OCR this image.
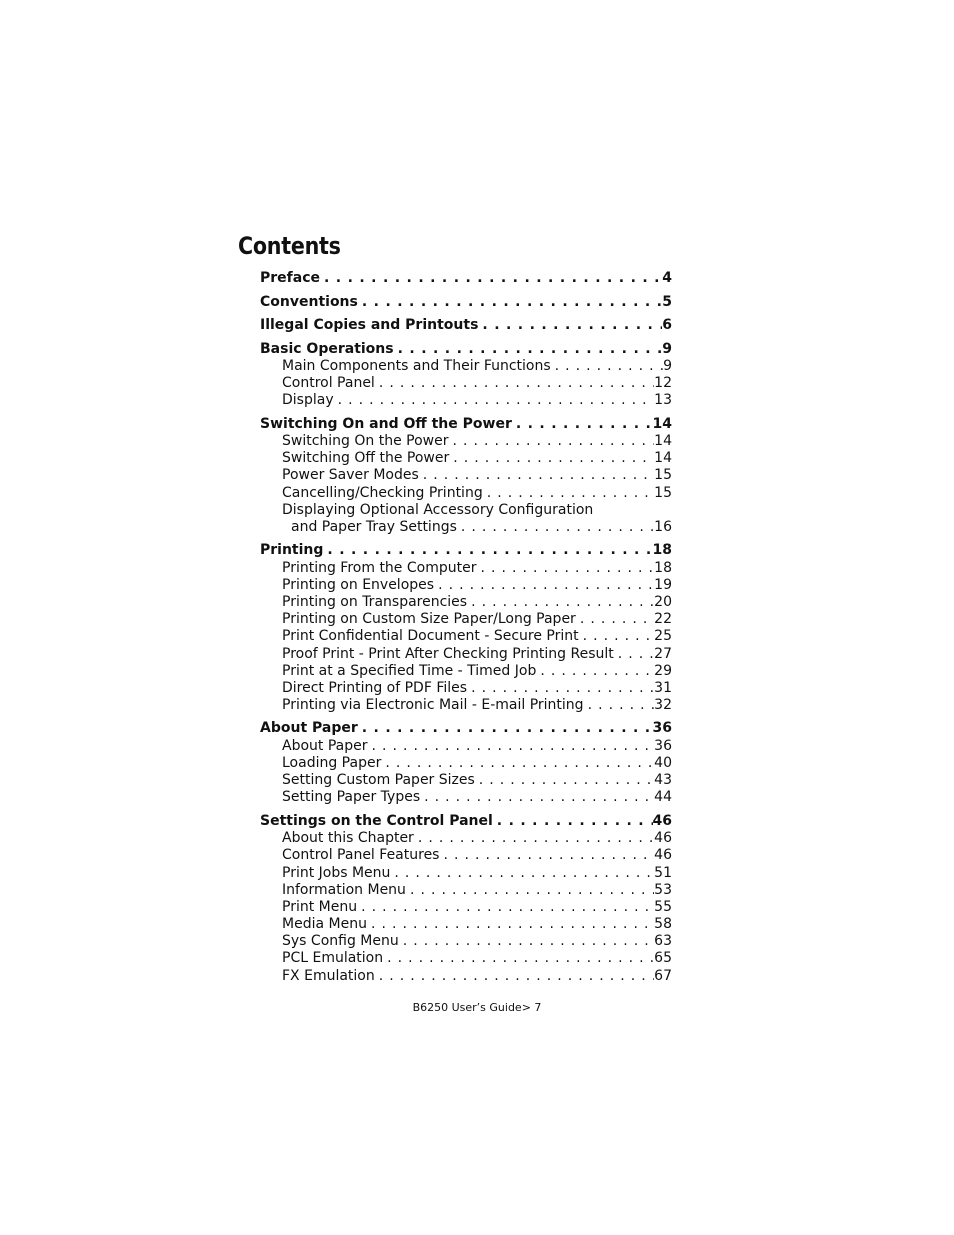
Contents
Preface . . .	4
Conventions . . .	5
Illegal Copies and Printouts . . .	6
Basic Operations . . .	9
Main Components and Their Functions . . .	9
Control Panel . . .	12
Display . . .	13
Switching On and Off the Power . . .	14
Switching On the Power . . .	14
Switching Off the Power . . .	14
Power Saver Modes . . .	15
Cancelling/Checking Printing . . .	15
Displaying Optional Accessory Configuration
and Paper Tray Settings . . .	16
Printing . . .	18
Printing From the Computer . . .	18
Printing on Envelopes . . .	19
Printing on Transparencies . . .	20
Printing on Custom Size Paper/Long Paper . . .	22
Print Confidential Document - Secure Print . . .	25
Proof Print - Print After Checking Printing Result . . .	27
Print at a Specified Time - Timed Job . . .	29
Direct Printing of PDF Files . . .	31
Printing via Electronic Mail - E-mail Printing . . .	32
About Paper . . .	36
About Paper . . .	36
Loading Paper . . .	40
Setting Custom Paper Sizes . . .	43
Setting Paper Types . . .	44
Settings on the Control Panel . . .	46
About this Chapter . . .	46
Control Panel Features . . .	46
Print Jobs Menu . . .	51
Information Menu . . .	53
Print Menu . . .	55
Media Menu . . .	58
Sys Config Menu . . .	63
PCL Emulation . . .	65
FX Emulation . . .	67
B6250 User’s Guide> 7
